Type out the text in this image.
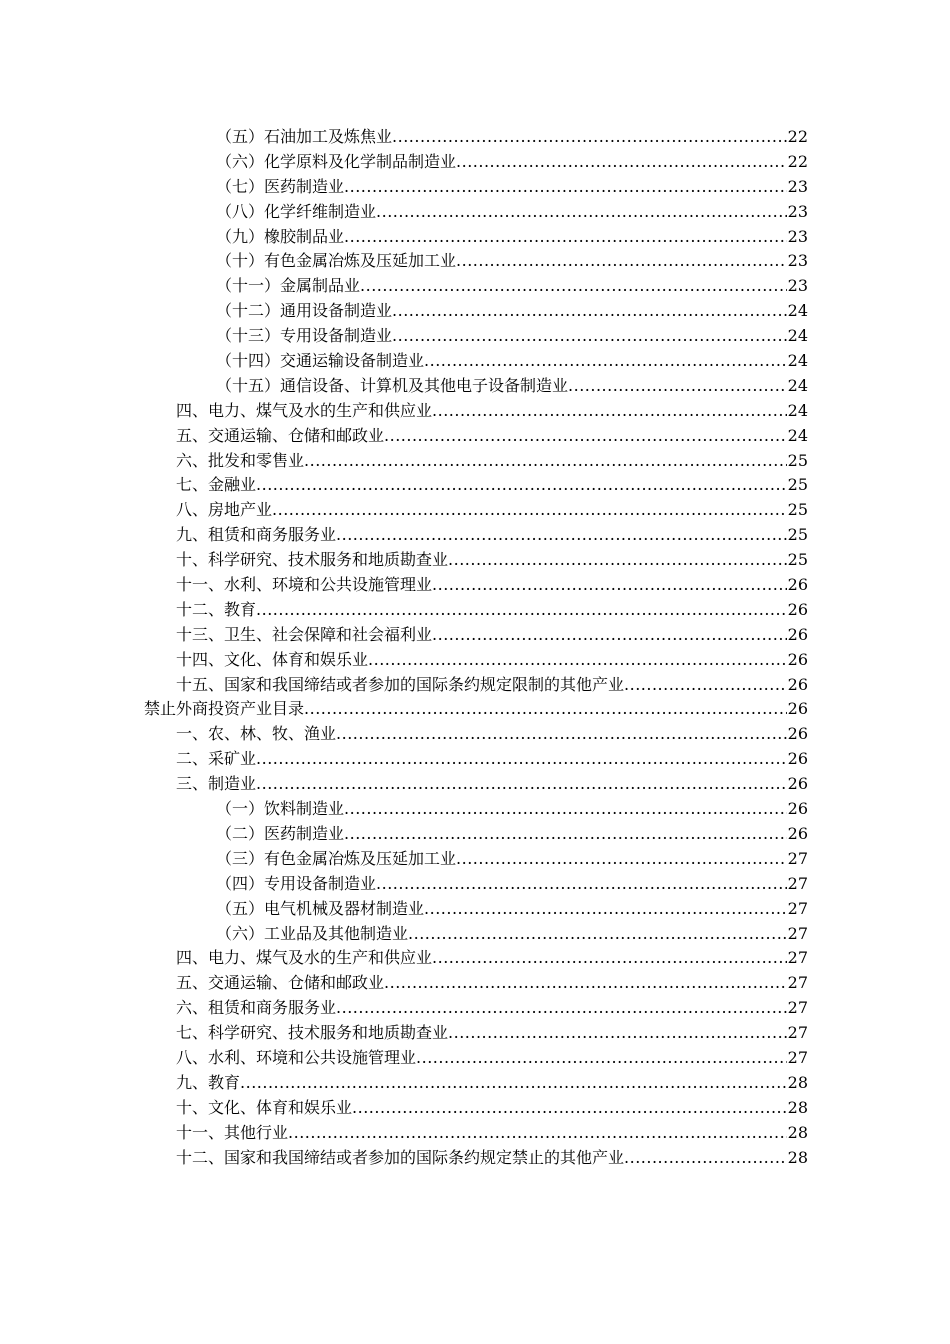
（五）石油加工及炼焦业 .....	22
（六）化学原料及化学制品制造业 .....	22
（七）医药制造业 .....	23
（八）化学纤维制造业 .....	23
（九）橡胶制品业 .....	23
（十）有色金属冶炼及压延加工业 .....	23
（十一）金属制品业 .....	23
（十二）通用设备制造业 .....	24
（十三）专用设备制造业 .....	24
（十四）交通运输设备制造业 .....	24
（十五）通信设备、计算机及其他电子设备制造业 .....	24
四、电力、煤气及水的生产和供应业 .....	24
五、交通运输、仓储和邮政业 .....	24
六、批发和零售业 .....	25
七、金融业 .....	25
八、房地产业 .....	25
九、租赁和商务服务业 .....	25
十、科学研究、技术服务和地质勘查业 .....	25
十一、水利、环境和公共设施管理业 .....	26
十二、教育 .....	26
十三、卫生、社会保障和社会福利业 .....	26
十四、文化、体育和娱乐业 .....	26
十五、国家和我国缔结或者参加的国际条约规定限制的其他产业 .....	26
禁止外商投资产业目录 .....	26
一、农、林、牧、渔业 .....	26
二、采矿业 .....	26
三、制造业 .....	26
（一）饮料制造业 .....	26
（二）医药制造业 .....	26
（三）有色金属冶炼及压延加工业 .....	27
（四）专用设备制造业 .....	27
（五）电气机械及器材制造业 .....	27
（六）工业品及其他制造业 .....	27
四、电力、煤气及水的生产和供应业 .....	27
五、交通运输、仓储和邮政业 .....	27
六、租赁和商务服务业 .....	27
七、科学研究、技术服务和地质勘查业 .....	27
八、水利、环境和公共设施管理业 .....	27
九、教育 .....	28
十、文化、体育和娱乐业 .....	28
十一、其他行业 .....	28
十二、国家和我国缔结或者参加的国际条约规定禁止的其他产业 .....	28
